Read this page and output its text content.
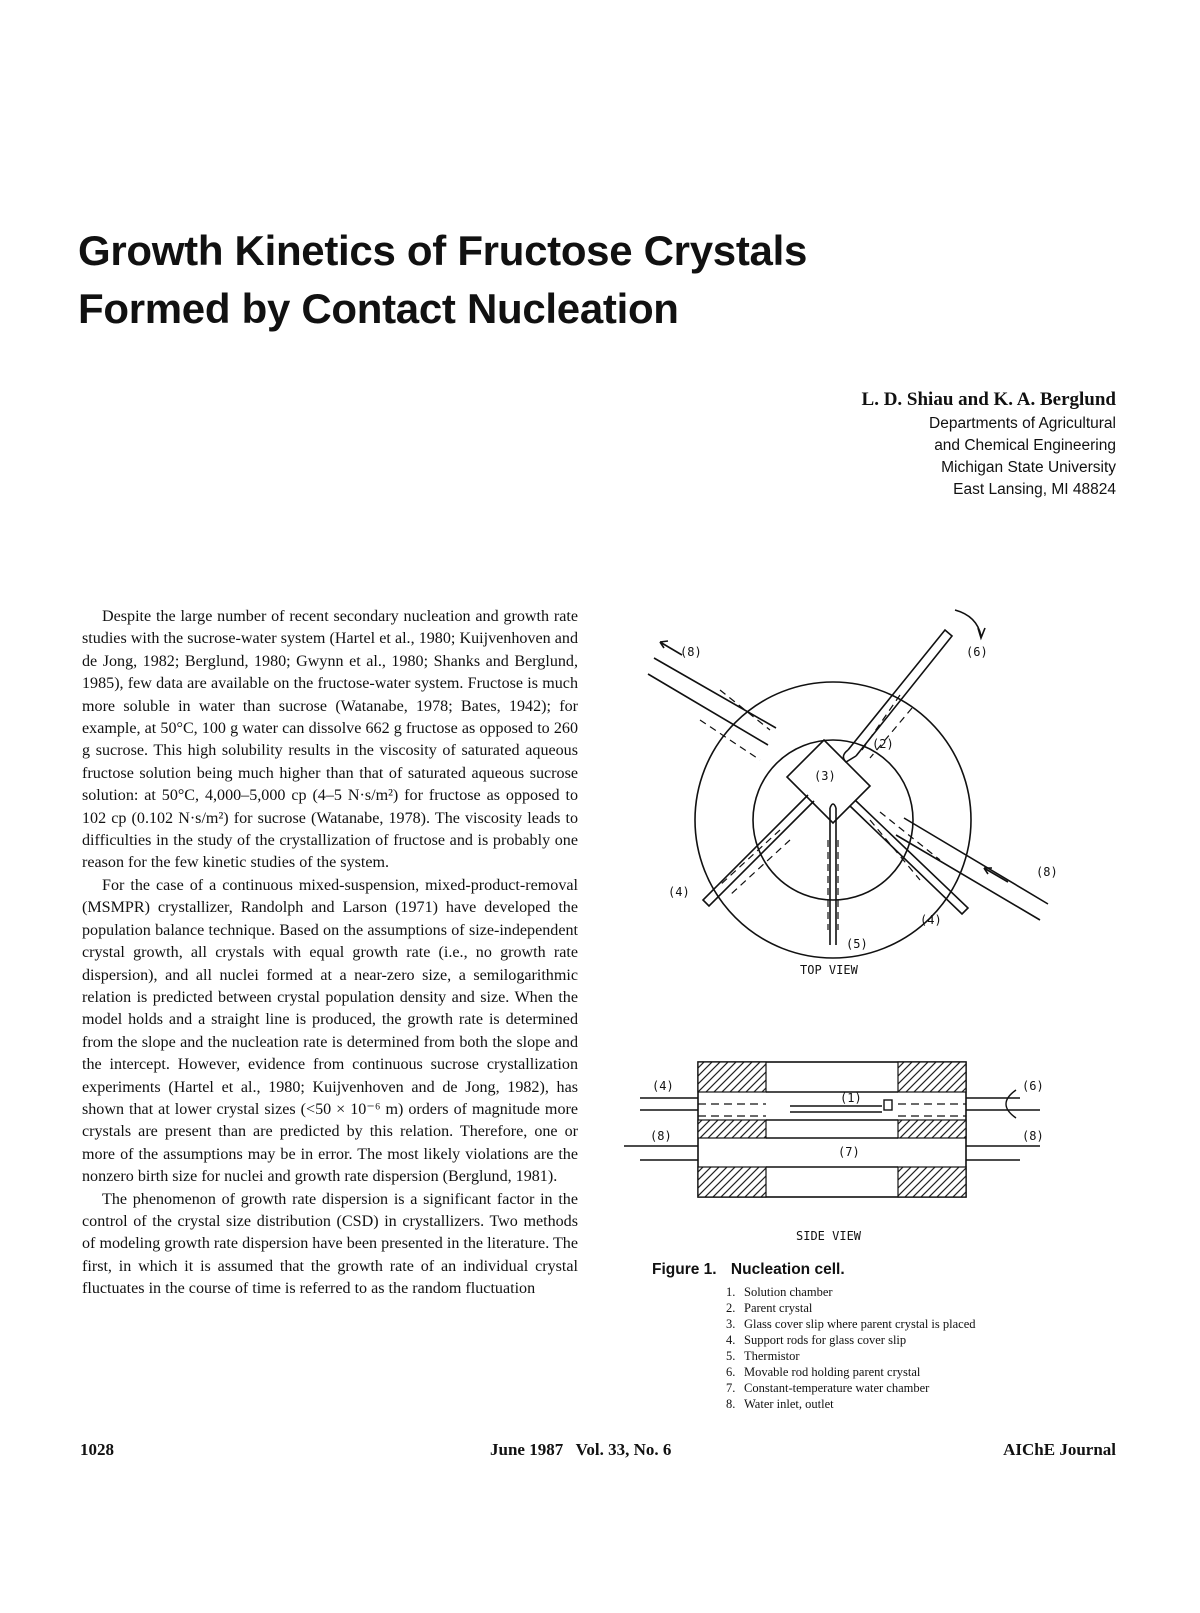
Growth Kinetics of Fructose Crystals
Formed by Contact Nucleation
L. D. Shiau and K. A. Berglund
Departments of Agricultural
and Chemical Engineering
Michigan State University
East Lansing, MI 48824

Despite the large number of recent secondary nucleation and growth rate studies with the sucrose-water system (Hartel et al., 1980; Kuijvenhoven and de Jong, 1982; Berglund, 1980; Gwynn et al., 1980; Shanks and Berglund, 1985), few data are available on the fructose-water system. Fructose is much more soluble in water than sucrose (Watanabe, 1978; Bates, 1942); for example, at 50°C, 100 g water can dissolve 662 g fructose as opposed to 260 g sucrose. This high solubility results in the viscosity of saturated aqueous fructose solution being much higher than that of saturated aqueous sucrose solution: at 50°C, 4,000–5,000 cp (4–5 N·s/m²) for fructose as opposed to 102 cp (0.102 N·s/m²) for sucrose (Watanabe, 1978). The viscosity leads to difficulties in the study of the crystallization of fructose and is probably one reason for the few kinetic studies of the system.

For the case of a continuous mixed-suspension, mixed-product-removal (MSMPR) crystallizer, Randolph and Larson (1971) have developed the population balance technique. Based on the assumptions of size-independent crystal growth, all crystals with equal growth rate (i.e., no growth rate dispersion), and all nuclei formed at a near-zero size, a semilogarithmic relation is predicted between crystal population density and size. When the model holds and a straight line is produced, the growth rate is determined from the slope and the nucleation rate is determined from both the slope and the intercept. However, evidence from continuous sucrose crystallization experiments (Hartel et al., 1980; Kuijvenhoven and de Jong, 1982), has shown that at lower crystal sizes (<50 × 10⁻⁶ m) orders of magnitude more crystals are present than are predicted by this relation. Therefore, one or more of the assumptions may be in error. The most likely violations are the nonzero birth size for nuclei and growth rate dispersion (Berglund, 1981).

The phenomenon of growth rate dispersion is a significant factor in the control of the crystal size distribution (CSD) in crystallizers. Two methods of modeling growth rate dispersion have been presented in the literature. The first, in which it is assumed that the growth rate of an individual crystal fluctuates in the course of time is referred to as the random fluctuation

(8)	(6)
(2)
(3)
(8)
(4)
(4)
(5)
TOP VIEW
(4)
(1)
(6)
(8)	(8)
(7)
SIDE VIEW
Figure 1. Nucleation cell.
1. Solution chamber
2. Parent crystal
3. Glass cover slip where parent crystal is placed
4. Support rods for glass cover slip
5. Thermistor
6. Movable rod holding parent crystal
7. Constant-temperature water chamber
8. Water inlet, outlet
1028	June 1987   Vol. 33, No. 6	AIChE Journal
